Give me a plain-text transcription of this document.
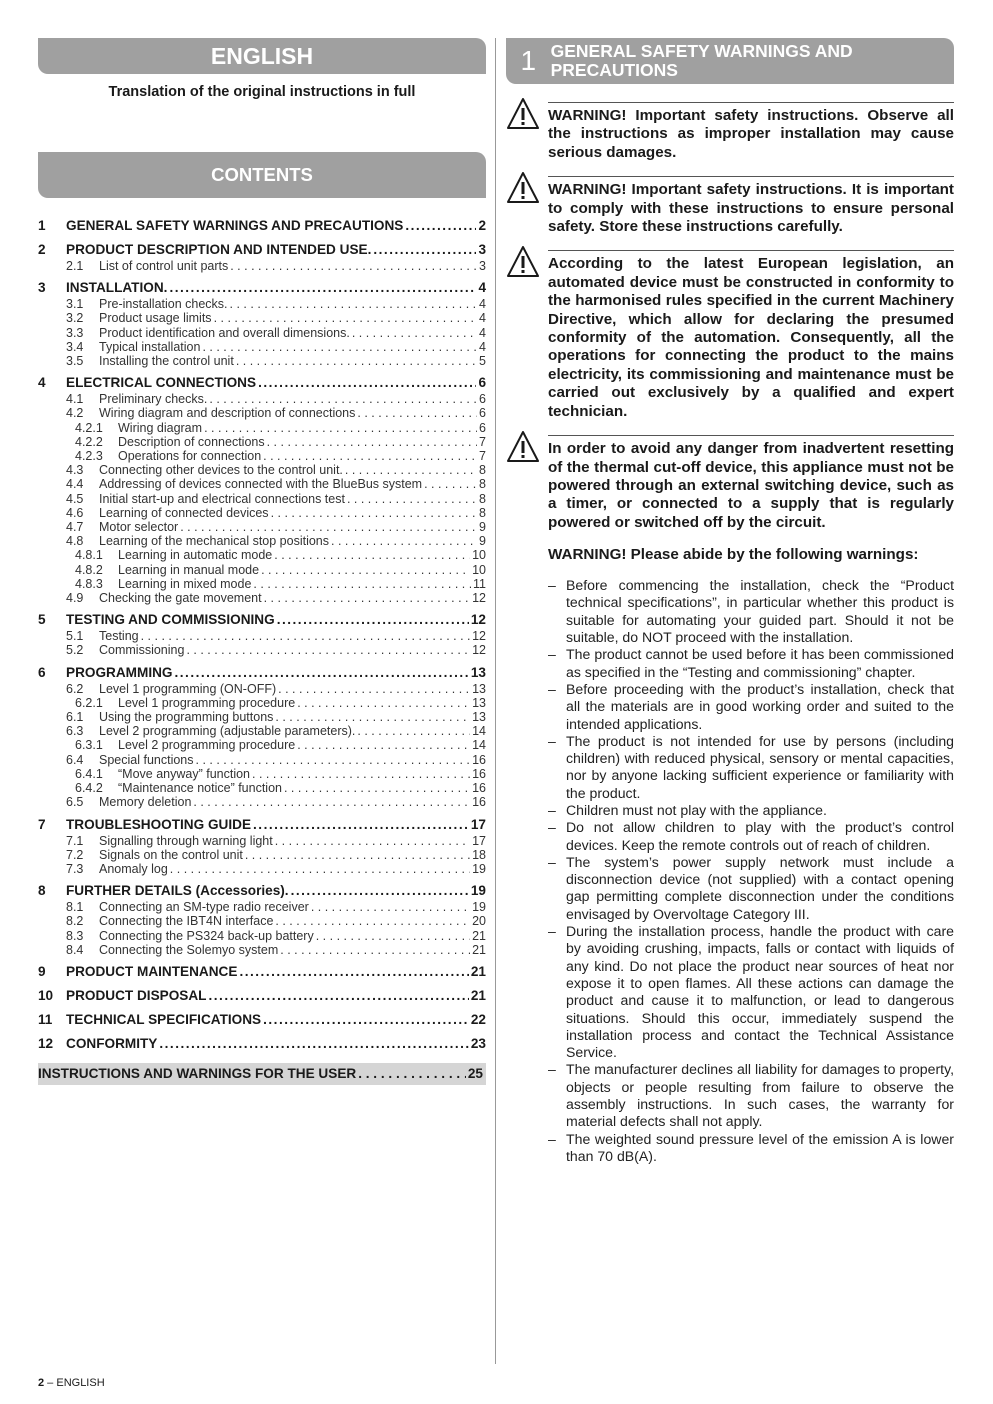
ENGLISH
Translation of the original instructions in full
CONTENTS
1	GENERAL SAFETY WARNINGS AND PRECAUTIONS .....	2
2	PRODUCT DESCRIPTION AND INTENDED USE. .....	3
2.1	List of control unit parts . . .	3
3	INSTALLATION. .....	4
3.1	Pre-installation checks. . . .	4
3.2	Product usage limits . . .	4
3.3	Product identification and overall dimensions. . . .	4
3.4	Typical installation . . .	4
3.5	Installing the control unit . . .	5
4	ELECTRICAL CONNECTIONS .....	6
4.1	Preliminary checks. . . .	6
4.2	Wiring diagram and description of connections . . .	6
4.2.1	Wiring diagram . . .	6
4.2.2	Description of connections . . .	7
4.2.3	Operations for connection . . .	7
4.3	Connecting other devices to the control unit. . . .	8
4.4	Addressing of devices connected with the BlueBus system . . .	8
4.5	Initial start-up and electrical connections test . . .	8
4.6	Learning of connected devices . . .	8
4.7	Motor selector . . .	9
4.8	Learning of the mechanical stop positions . . .	9
4.8.1	Learning in automatic mode . . .	10
4.8.2	Learning in manual mode . . .	10
4.8.3	Learning in mixed mode . . .	11
4.9	Checking the gate movement . . .	12
5	TESTING AND COMMISSIONING .....	12
5.1	Testing . . .	12
5.2	Commissioning . . .	12
6	PROGRAMMING .....	13
6.2	Level 1 programming (ON-OFF) . . .	13
6.2.1	Level 1 programming procedure . . .	13
6.1	Using the programming buttons . . .	13
6.3	Level 2 programming (adjustable parameters). . . .	14
6.3.1	Level 2 programming procedure . . .	14
6.4	Special functions . . .	16
6.4.1	“Move anyway” function . . .	16
6.4.2	“Maintenance notice” function . . .	16
6.5	Memory deletion . . .	16
7	TROUBLESHOOTING GUIDE .....	17
7.1	Signalling through warning light . . .	17
7.2	Signals on the control unit . . .	18
7.3	Anomaly log . . .	19
8	FURTHER DETAILS (Accessories). .....	19
8.1	Connecting an SM-type radio receiver . . .	19
8.2	Connecting the IBT4N interface . . .	20
8.3	Connecting the PS324 back-up battery . . .	21
8.4	Connecting the Solemyo system . . .	21
9	PRODUCT MAINTENANCE .....	21
10 PRODUCT DISPOSAL .....	21
11	TECHNICAL SPECIFICATIONS .....	22
12 CONFORMITY .....	23
INSTRUCTIONS AND WARNINGS FOR THE USER . . .	25
1 GENERAL SAFETY WARNINGS AND PRECAUTIONS
WARNING! Important safety instructions. Observe all the instructions as improper installation may cause serious damages.
WARNING! Important safety instructions. It is important to comply with these instructions to ensure personal safety. Store these instructions carefully.
According to the latest European legislation, an automated device must be constructed in conformity to the harmonised rules specified in the current Machinery Directive, which allow for declaring the presumed conformity of the automation. Consequently, all the operations for connecting the product to the mains electricity, its commissioning and maintenance must be carried out exclusively by a qualified and expert technician.
In order to avoid any danger from inadvertent resetting of the thermal cut-off device, this appliance must not be powered through an external switching device, such as a timer, or connected to a supply that is regularly powered or switched off by the circuit.
WARNING! Please abide by the following warnings:
– Before commencing the installation, check the “Product technical specifications”, in particular whether this product is suitable for automating your guided part. Should it not be suitable, do NOT proceed with the installation.
– The product cannot be used before it has been commissioned as specified in the “Testing and commissioning” chapter.
– Before proceeding with the product’s installation, check that all the materials are in good working order and suited to the intended applications.
– The product is not intended for use by persons (including children) with reduced physical, sensory or mental capacities, nor by anyone lacking sufficient experience or familiarity with the product.
– Children must not play with the appliance.
– Do not allow children to play with the product’s control devices. Keep the remote controls out of reach of children.
– The system’s power supply network must include a disconnection device (not supplied) with a contact opening gap permitting complete disconnection under the conditions envisaged by Overvoltage Category III.
– During the installation process, handle the product with care by avoiding crushing, impacts, falls or contact with liquids of any kind. Do not place the product near sources of heat nor expose it to open flames. All these actions can damage the product and cause it to malfunction, or lead to dangerous situations. Should this occur, immediately suspend the installation process and contact the Technical Assistance Service.
– The manufacturer declines all liability for damages to property, objects or people resulting from failure to observe the assembly instructions. In such cases, the warranty for material defects shall not apply.
– The weighted sound pressure level of the emission A is lower than 70 dB(A).
2 – ENGLISH
